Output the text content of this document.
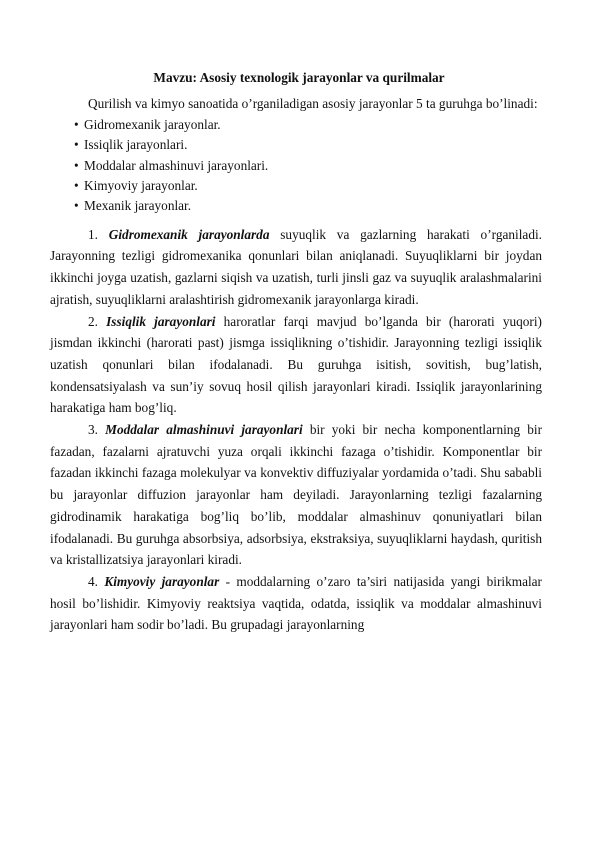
Mavzu: Asosiy texnologik jarayonlar va qurilmalar

Qurilish va kimyo sanoatida o’rganiladigan asosiy jarayonlar 5 ta guruhga bo’linadi:

• Gidromexanik jarayonlar.
• Issiqlik jarayonlari.
• Moddalar almashinuvi jarayonlari.
• Kimyoviy jarayonlar.
• Mexanik jarayonlar.

1. Gidromexanik jarayonlarda suyuqlik va gazlarning harakati o’rganiladi. Jarayonning tezligi gidromexanika qonunlari bilan aniqlanadi. Suyuqliklarni bir joydan ikkinchi joyga uzatish, gazlarni siqish va uzatish, turli jinsli gaz va suyuqlik aralashmalarini ajratish, suyuqliklarni aralashtirish gidromexanik jarayonlarga kiradi.

2. Issiqlik jarayonlari haroratlar farqi mavjud bo’lganda bir (harorati yuqori) jismdan ikkinchi (harorati past) jismga issiqlikning o’tishidir. Jarayonning tezligi issiqlik uzatish qonunlari bilan ifodalanadi. Bu guruhga isitish, sovitish, bug’latish, kondensatsiyalash va sun’iy sovuq hosil qilish jarayonlari kiradi. Issiqlik jarayonlarining harakatiga ham bog’liq.

3. Moddalar almashinuvi jarayonlari bir yoki bir necha komponentlarning bir fazadan, fazalarni ajratuvchi yuza orqali ikkinchi fazaga o’tishidir. Komponentlar bir fazadan ikkinchi fazaga molekulyar va konvektiv diffuziyalar yordamida o’tadi. Shu sababli bu jarayonlar diffuzion jarayonlar ham deyiladi. Jarayonlarning tezligi fazalarning gidrodinamik harakatiga bog’liq bo’lib, moddalar almashinuv qonuniyatlari bilan ifodalanadi. Bu guruhga absorbsiya, adsorbsiya, ekstraksiya, suyuqliklarni haydash, quritish va kristallizatsiya jarayonlari kiradi.

4. Kimyoviy jarayonlar - moddalarning o’zaro ta’siri natijasida yangi birikmalar hosil bo’lishidir. Kimyoviy reaktsiya vaqtida, odatda, issiqlik va moddalar almashinuvi jarayonlari ham sodir bo’ladi. Bu grupadagi jarayonlarning
